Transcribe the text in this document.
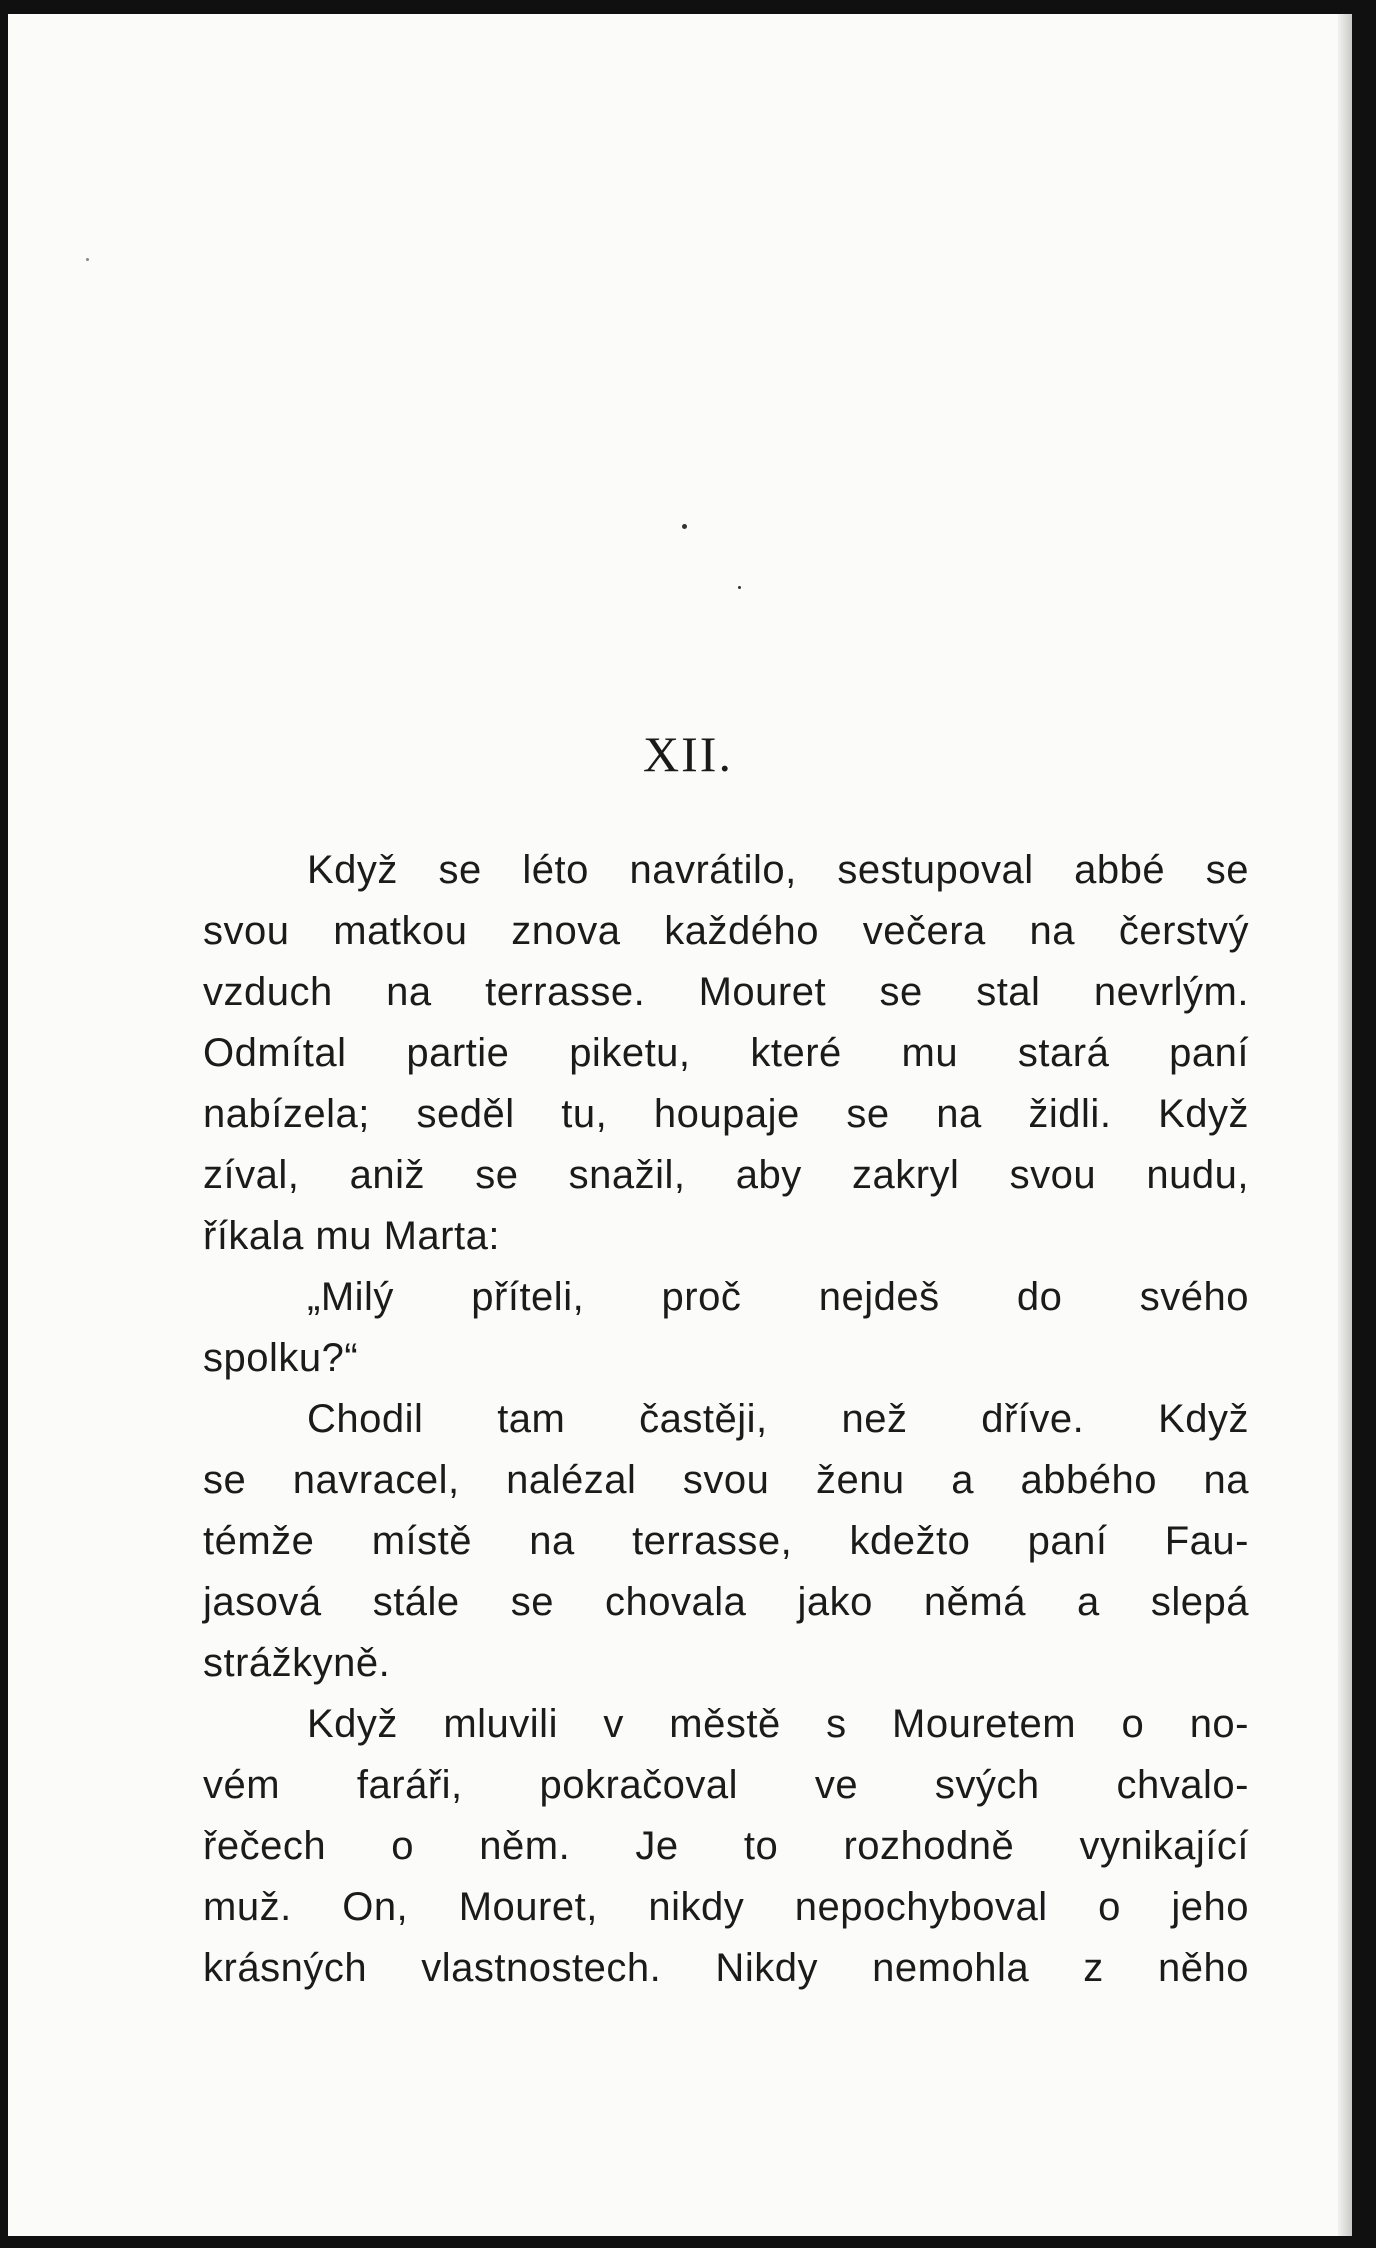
XII.
Když se léto navrátilo, sestupoval abbé se
svou matkou znova každého večera na čerstvý
vzduch na terrasse. Mouret se stal nevrlým.
Odmítal partie piketu, které mu stará paní
nabízela; seděl tu, houpaje se na židli. Když
zíval, aniž se snažil, aby zakryl svou nudu,
říkala mu Marta:
„Milý příteli, proč nejdeš do svého
spolku?“
Chodil tam častěji, než dříve. Když
se navracel, nalézal svou ženu a abbého na
témže místě na terrasse, kdežto paní Fau-
jasová stále se chovala jako němá a slepá
strážkyně.
Když mluvili v městě s Mouretem o no-
vém faráři, pokračoval ve svých chvalo-
řečech o něm. Je to rozhodně vynikající
muž. On, Mouret, nikdy nepochyboval o jeho
krásných vlastnostech. Nikdy nemohla z něho
